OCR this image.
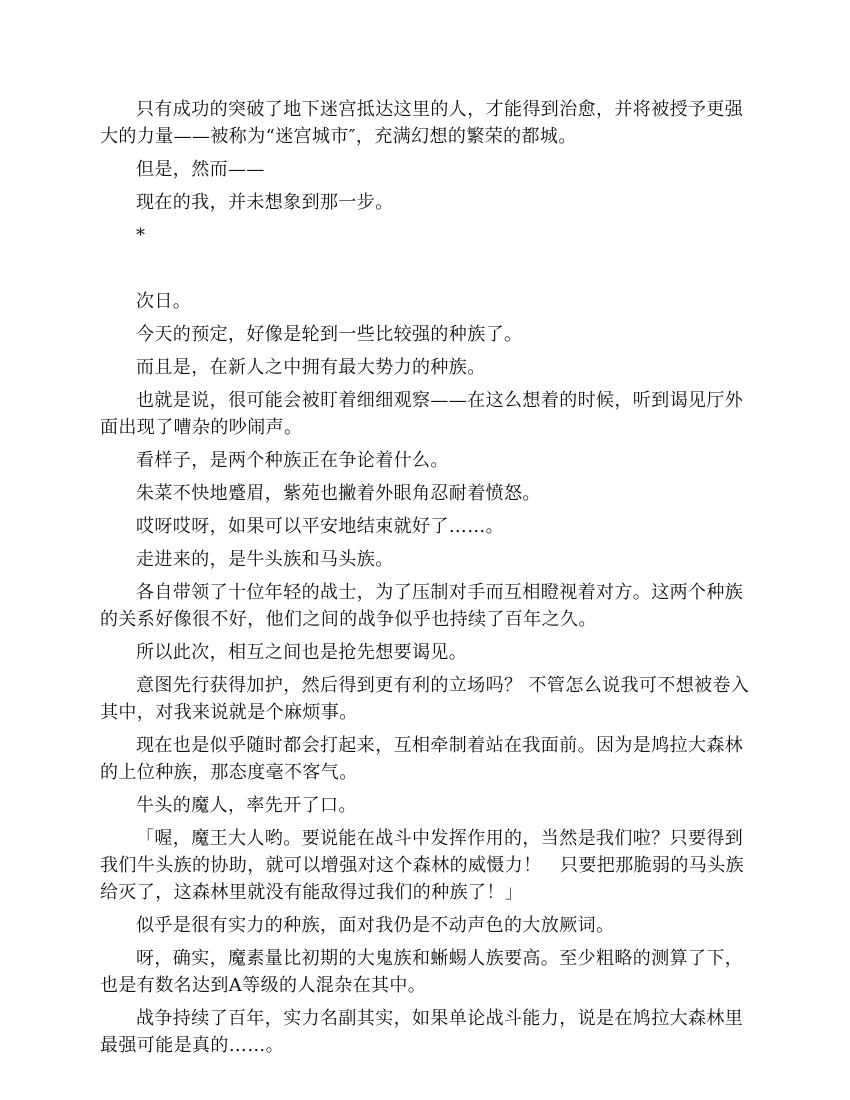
只有成功的突破了地下迷宫抵达这里的人，才能得到治愈，并将被授予更强大的力量——被称为“迷宫城市″，充满幻想的繁荣的都城。

但是，然而——

现在的我，并未想象到那一步。

*

次日。

今天的预定，好像是轮到一些比较强的种族了。

而且是，在新人之中拥有最大势力的种族。

也就是说，很可能会被盯着细细观察——在这么想着的时候，听到谒见厅外面出现了嘈杂的吵闹声。

看样子，是两个种族正在争论着什么。

朱菜不快地蹙眉，紫苑也撇着外眼角忍耐着愤怒。

哎呀哎呀，如果可以平安地结束就好了……。

走进来的，是牛头族和马头族。

各自带领了十位年轻的战士，为了压制对手而互相瞪视着对方。这两个种族的关系好像很不好，他们之间的战争似乎也持续了百年之久。

所以此次，相互之间也是抢先想要谒见。

意图先行获得加护，然后得到更有利的立场吗？ 不管怎么说我可不想被卷入其中，对我来说就是个麻烦事。

现在也是似乎随时都会打起来，互相牵制着站在我面前。因为是鸠拉大森林的上位种族，那态度毫不客气。

牛头的魔人，率先开了口。

「喔，魔王大人哟。要说能在战斗中发挥作用的，当然是我们啦？只要得到我们牛头族的协助，就可以增强对这个森林的威慑力！　只要把那脆弱的马头族给灭了，这森林里就没有能敌得过我们的种族了！」

似乎是很有实力的种族，面对我仍是不动声色的大放厥词。

呀，确实，魔素量比初期的大鬼族和蜥蜴人族要高。至少粗略的测算了下，也是有数名达到A等级的人混杂在其中。

战争持续了百年，实力名副其实，如果单论战斗能力，说是在鸠拉大森林里最强可能是真的……。
